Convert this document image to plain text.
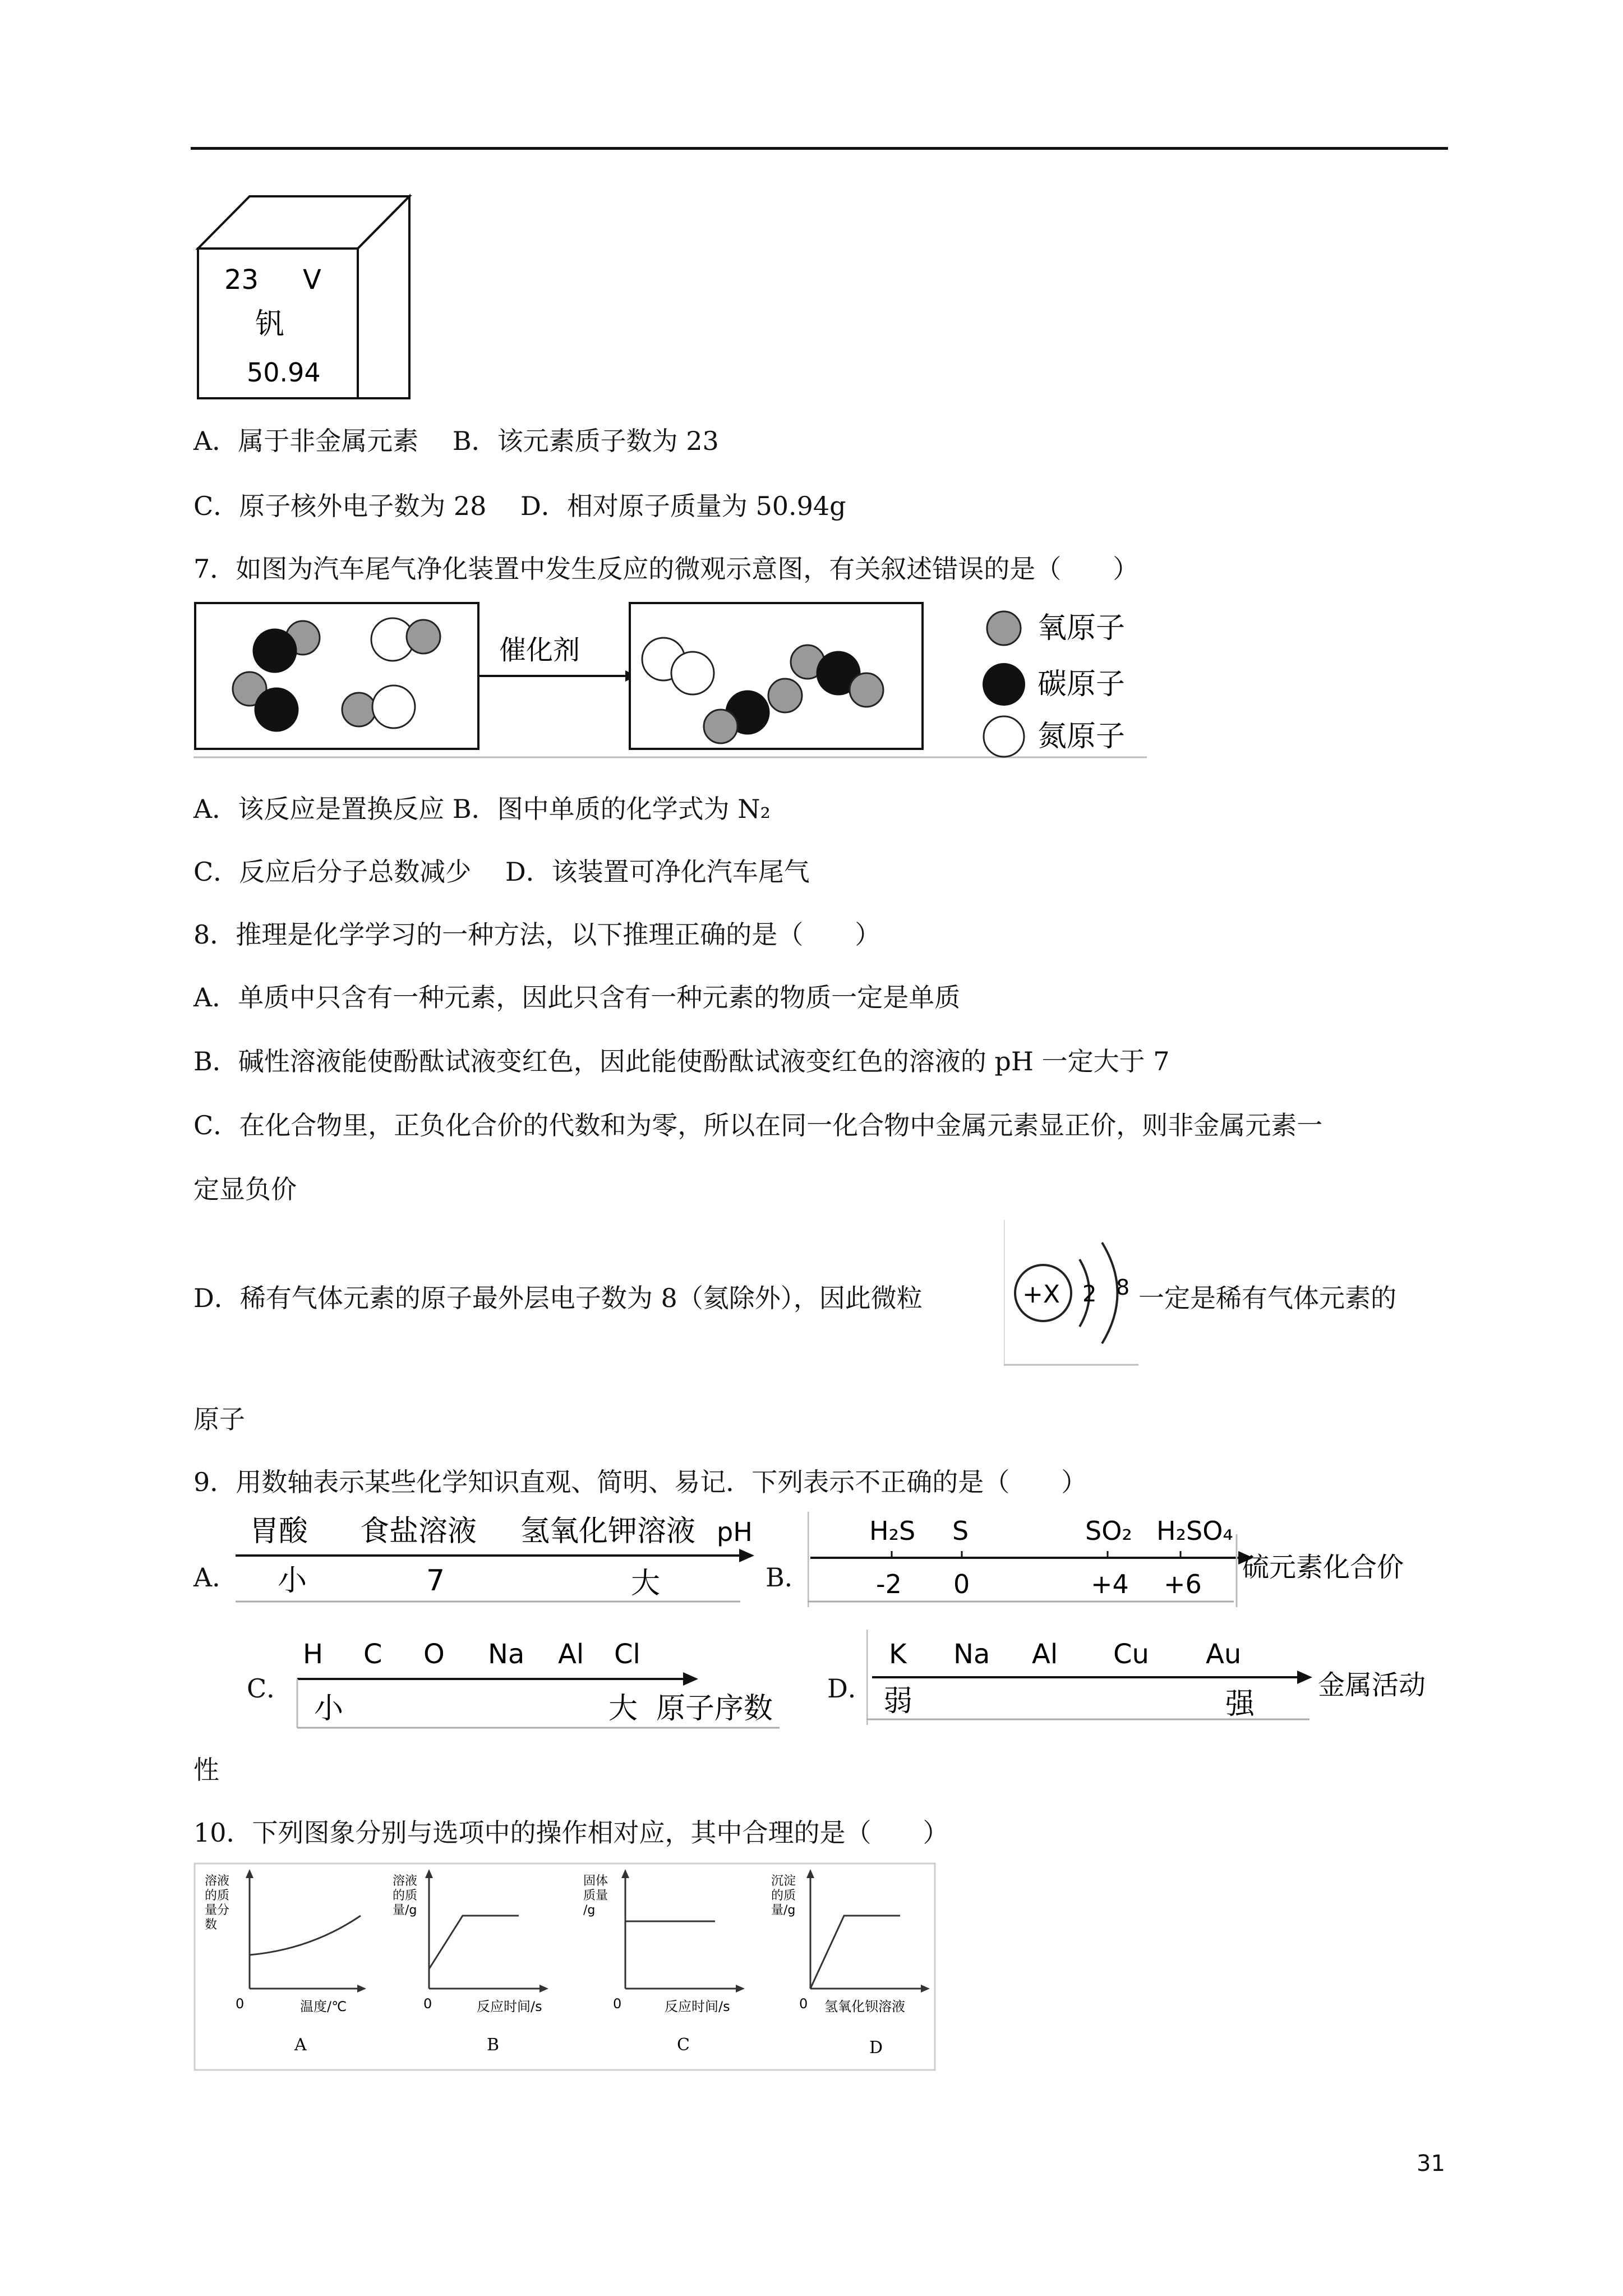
23 V
钒
50.94
A．属于非金属元素　 B．该元素质子数为 23
C．原子核外电子数为 28　 D．相对原子质量为 50.94g
7．如图为汽车尾气净化装置中发生反应的微观示意图，有关叙述错误的是（　　）
催化剂
氧原子
碳原子
氮原子
A．该反应是置换反应 B．图中单质的化学式为 N₂
C．反应后分子总数减少　 D．该装置可净化汽车尾气
8．推理是化学学习的一种方法，以下推理正确的是（　　）
A．单质中只含有一种元素，因此只含有一种元素的物质一定是单质
B．碱性溶液能使酚酞试液变红色，因此能使酚酞试液变红色的溶液的 pH 一定大于 7
C．在化合物里，正负化合价的代数和为零，所以在同一化合物中金属元素显正价，则非金属元素一
定显负价
D．稀有气体元素的原子最外层电子数为 8（氦除外），因此微粒	+X 2 8 一定是稀有气体元素的
原子
9．用数轴表示某些化学知识直观、简明、易记．下列表示不正确的是（　　）
A．
胃酸 食盐溶液 氢氧化钾溶液 pH
小	7	大	B．
H₂S S	SO₂ H₂SO₄
-2 0	+4 +6
硫元素化合价
C．
H C O Na Al Cl
小	大 原子序数
D．
K Na Al Cu Au
弱	强
金属活动
性
10．下列图象分别与选项中的操作相对应，其中合理的是（　　）
溶液
的质
量分
数
0	温度/℃
A
溶液
的质
量/g
0	反应时间/s
B
固体
质量
/g
0	反应时间/s
C
沉淀
的质
量/g
0 氢氧化钡溶液
D
31
